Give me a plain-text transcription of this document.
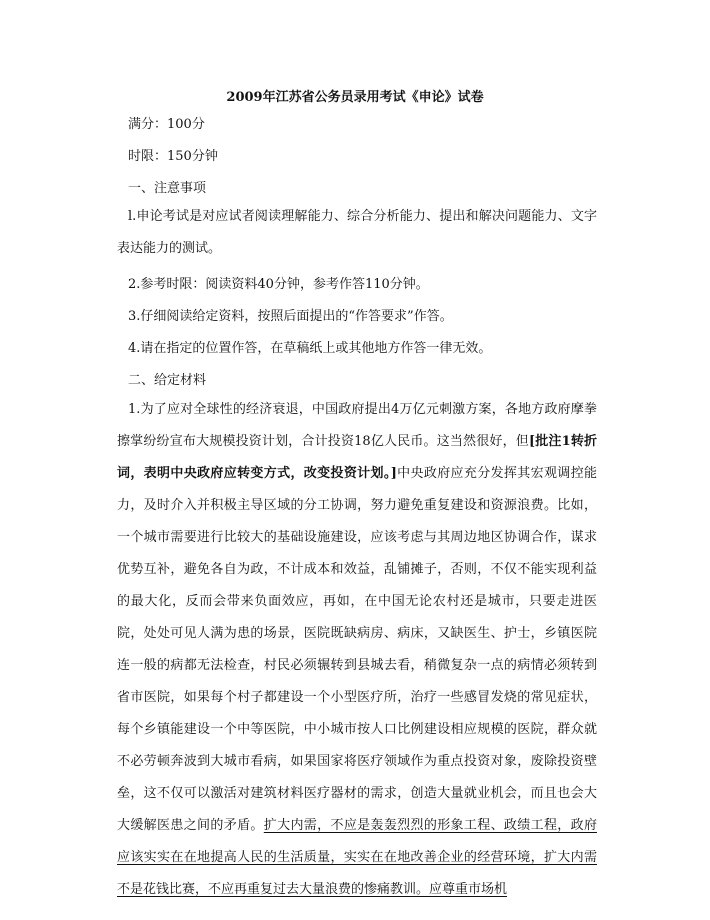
2009年江苏省公务员录用考试《申论》试卷
满分：100分
时限：150分钟
一、注意事项
l.申论考试是对应试者阅读理解能力、综合分析能力、提出和解决问题能力、文字表达能力的测试。
2.参考时限：阅读资料40分钟，参考作答110分钟。
3.仔细阅读给定资料，按照后面提出的“作答要求”作答。
4.请在指定的位置作答，在草稿纸上或其他地方作答一律无效。
二、给定材料
1.为了应对全球性的经济衰退，中国政府提出4万亿元刺激方案，各地方政府摩拳擦掌纷纷宣布大规模投资计划，合计投资18亿人民币。这当然很好，但[批注1转折词，表明中央政府应转变方式，改变投资计划。]中央政府应充分发挥其宏观调控能力，及时介入并积极主导区域的分工协调，努力避免重复建设和资源浪费。比如，一个城市需要进行比较大的基础设施建设，应该考虑与其周边地区协调合作，谋求优势互补，避免各自为政，不计成本和效益，乱铺摊子，否则，不仅不能实现利益的最大化，反而会带来负面效应，再如，在中国无论农村还是城市，只要走进医院，处处可见人满为患的场景，医院既缺病房、病床，又缺医生、护士，乡镇医院连一般的病都无法检查，村民必须辗转到县城去看，稍微复杂一点的病情必须转到省市医院，如果每个村子都建设一个小型医疗所，治疗一些感冒发烧的常见症状，每个乡镇能建设一个中等医院，中小城市按人口比例建设相应规模的医院，群众就不必劳顿奔波到大城市看病，如果国家将医疗领域作为重点投资对象，废除投资壁垒，这不仅可以激活对建筑材料医疗器材的需求，创造大量就业机会，而且也会大大缓解医患之间的矛盾。扩大内需，不应是轰轰烈烈的形象工程、政绩工程，政府应该实实在在地提高人民的生活质量，实实在在地改善企业的经营环境，扩大内需不是花钱比赛，不应再重复过去大量浪费的惨痛教训。应尊重市场机
